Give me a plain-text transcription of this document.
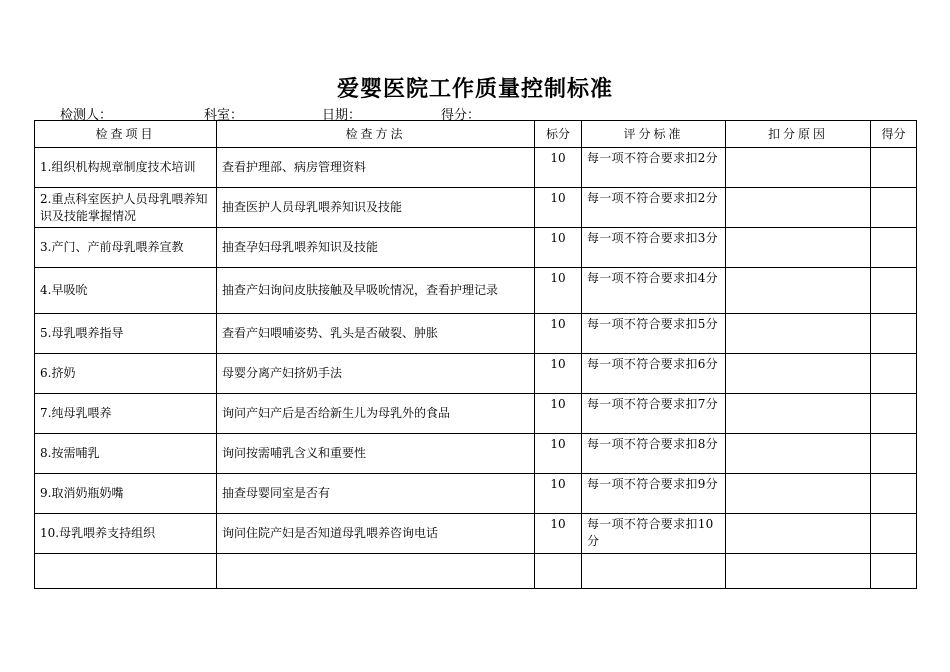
爱婴医院工作质量控制标准
检测人：	科室：	日期：	得分：
检查项目	检查方法	标分	评分标准	扣分原因	得分
1.组织机构规章制度技术培训	查看护理部、病房管理资料	10	每一项不符合要求扣2分		
2.重点科室医护人员母乳喂养知识及技能掌握情况	抽查医护人员母乳喂养知识及技能	10	每一项不符合要求扣2分		
3.产门、产前母乳喂养宣教	抽查孕妇母乳喂养知识及技能	10	每一项不符合要求扣3分		
4.早吸吮	抽查产妇询问皮肤接触及早吸吮情况，查看护理记录	10	每一项不符合要求扣4分		
5.母乳喂养指导	查看产妇喂哺姿势、乳头是否破裂、肿胀	10	每一项不符合要求扣5分		
6.挤奶	母婴分离产妇挤奶手法	10	每一项不符合要求扣6分		
7.纯母乳喂养	询问产妇产后是否给新生儿为母乳外的食品	10	每一项不符合要求扣7分		
8.按需哺乳	询问按需哺乳含义和重要性	10	每一项不符合要求扣8分		
9.取消奶瓶奶嘴	抽查母婴同室是否有	10	每一项不符合要求扣9分		
10.母乳喂养支持组织	询问住院产妇是否知道母乳喂养咨询电话	10	每一项不符合要求扣10分		
